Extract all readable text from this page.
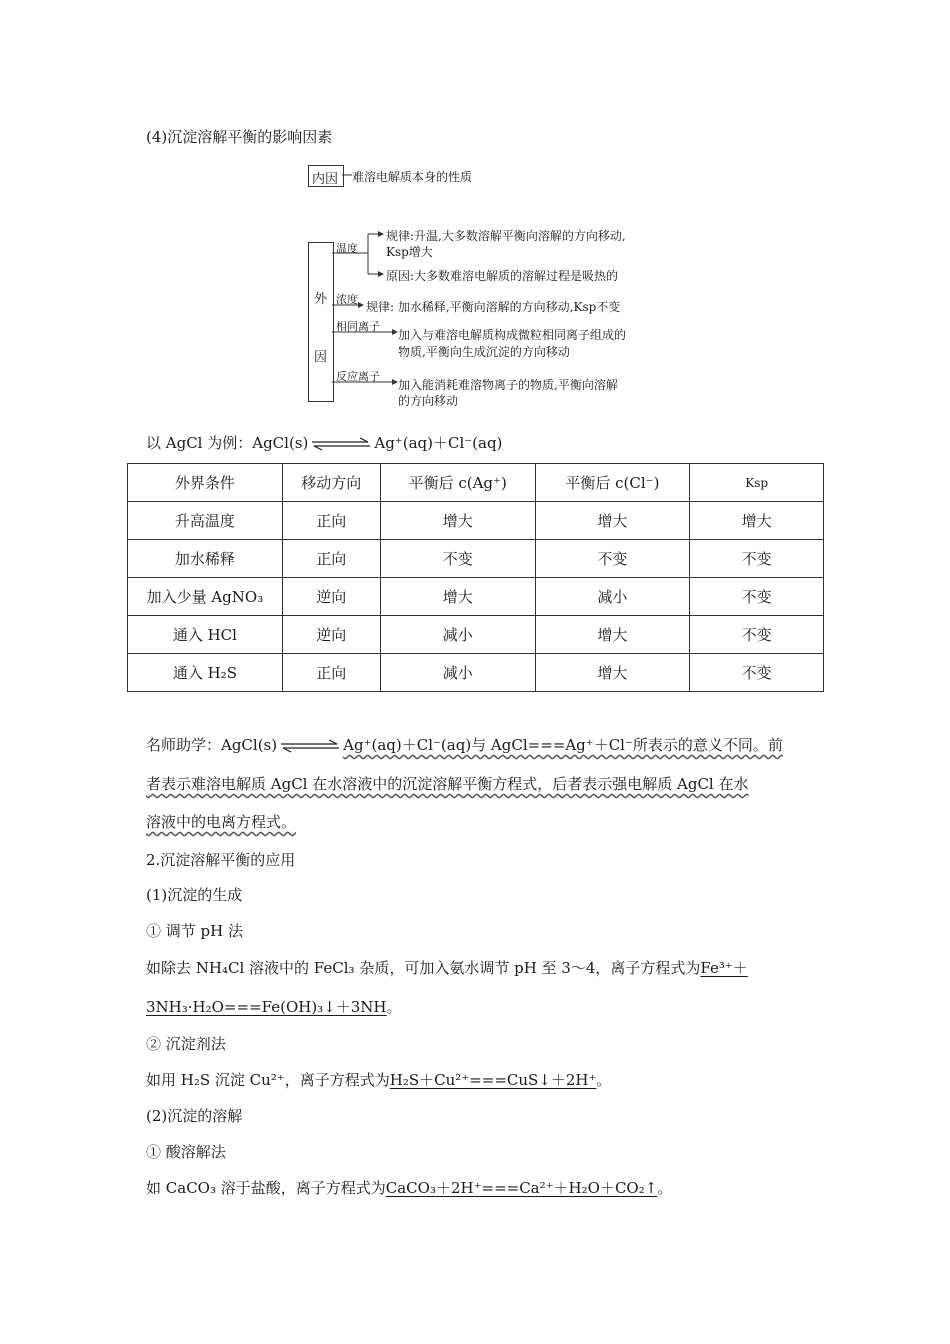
(4)沉淀溶解平衡的影响因素
内因 难溶电解质本身的性质
外
因
温度
规律:升温,大多数溶解平衡向溶解的方向移动,
Ksp增大
原因:大多数难溶电解质的溶解过程是吸热的
浓度
规律: 加水稀释,平衡向溶解的方向移动,Ksp不变
相同离子
加入与难溶电解质构成微粒相同离子组成的
物质,平衡向生成沉淀的方向移动
反应离子
加入能消耗难溶物离子的物质,平衡向溶解
的方向移动
以 AgCl 为例：AgCl(s)	Ag⁺(aq)＋Cl⁻(aq)
外界条件	移动方向	平衡后 c(Ag⁺)	平衡后 c(Cl⁻)	Ksp
升高温度	正向	增大	增大	增大
加水稀释	正向	不变	不变	不变
加入少量 AgNO₃	逆向	增大	减小	不变
通入 HCl	逆向	减小	增大	不变
通入 H₂S	正向	减小	增大	不变
名师助学：AgCl(s)	Ag⁺(aq)＋Cl⁻(aq)与 AgCl===Ag⁺＋Cl⁻所表示的意义不同。前
者表示难溶电解质 AgCl 在水溶液中的沉淀溶解平衡方程式，后者表示强电解质 AgCl 在水
溶液中的电离方程式。
2.沉淀溶解平衡的应用
(1)沉淀的生成
① 调节 pH 法
如除去 NH₄Cl 溶液中的 FeCl₃ 杂质，可加入氨水调节 pH 至 3～4，离子方程式为Fe³⁺＋
3NH₃·H₂O===Fe(OH)₃↓＋3NH。
② 沉淀剂法
如用 H₂S 沉淀 Cu²⁺，离子方程式为H₂S＋Cu²⁺===CuS↓＋2H⁺。
(2)沉淀的溶解
① 酸溶解法
如 CaCO₃ 溶于盐酸，离子方程式为CaCO₃＋2H⁺===Ca²⁺＋H₂O＋CO₂↑。
